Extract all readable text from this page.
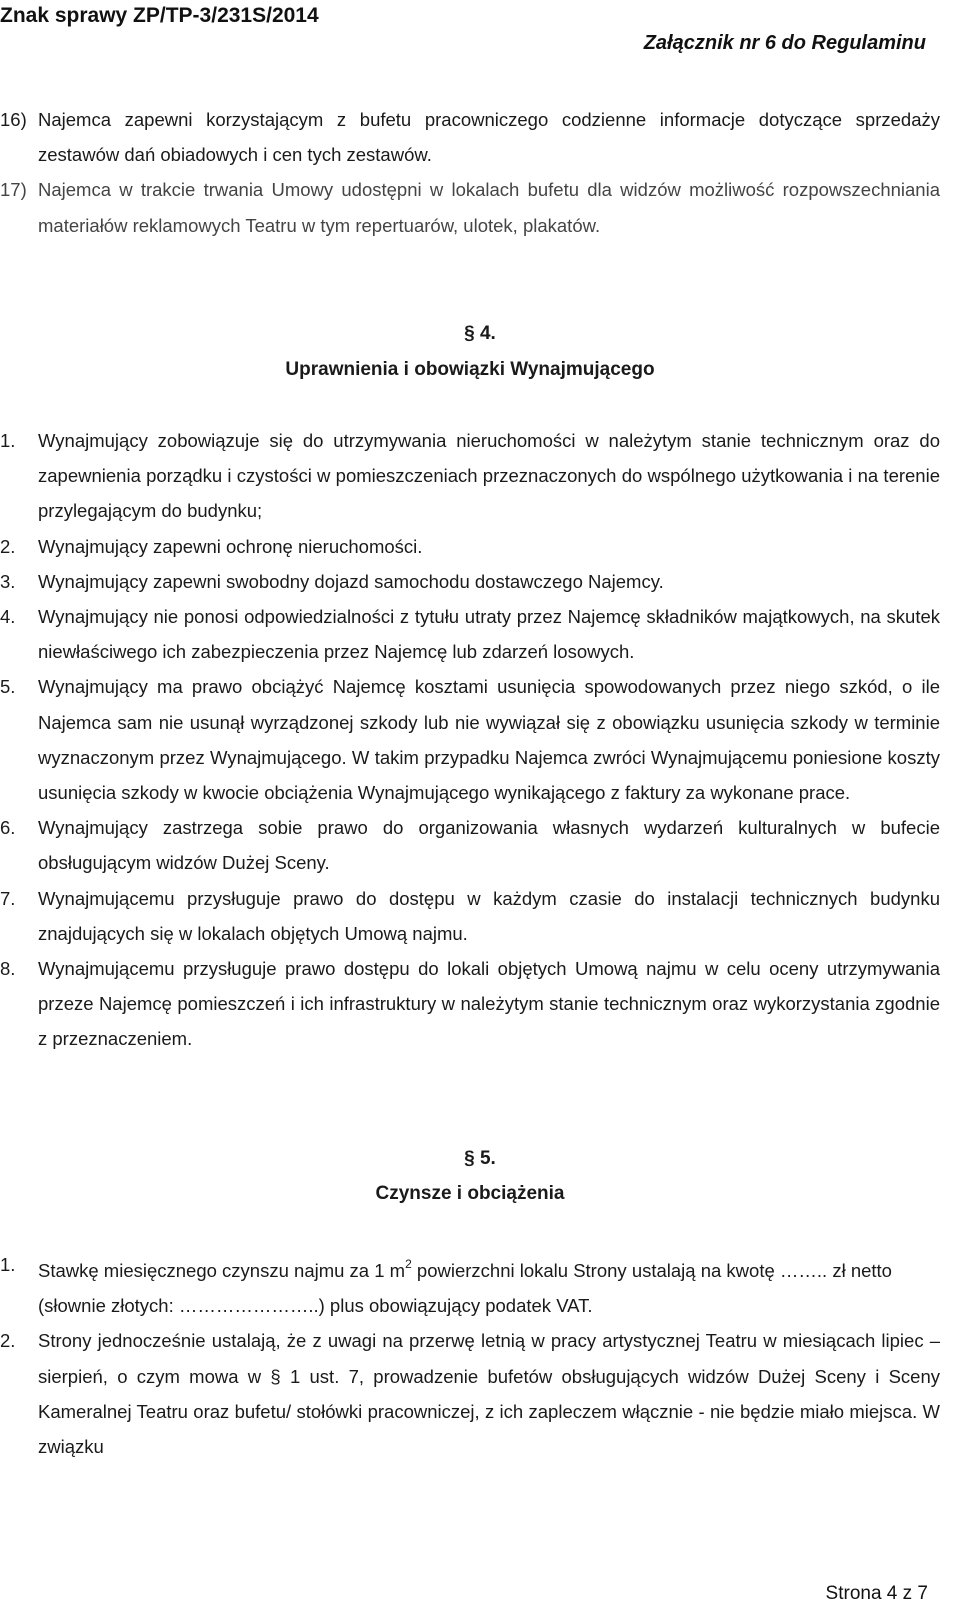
Znak sprawy ZP/TP-3/231S/2014
Załącznik nr 6 do Regulaminu

16) Najemca zapewni korzystającym z bufetu pracowniczego codzienne informacje dotyczące sprzedaży zestawów dań obiadowych i cen tych zestawów.

17) Najemca w trakcie trwania Umowy udostępni w lokalach bufetu dla widzów możliwość rozpowszechniania materiałów reklamowych Teatru w tym repertuarów, ulotek, plakatów.

§ 4.
Uprawnienia i obowiązki Wynajmującego

1. Wynajmujący zobowiązuje się do utrzymywania nieruchomości w należytym stanie technicznym oraz do zapewnienia porządku i czystości w pomieszczeniach przeznaczonych do wspólnego użytkowania i na terenie przylegającym do budynku;

2. Wynajmujący zapewni ochronę nieruchomości.

3. Wynajmujący zapewni swobodny dojazd samochodu dostawczego Najemcy.

4. Wynajmujący nie ponosi odpowiedzialności z tytułu utraty przez Najemcę składników majątkowych, na skutek niewłaściwego ich zabezpieczenia przez Najemcę lub zdarzeń losowych.

5. Wynajmujący ma prawo obciążyć Najemcę kosztami usunięcia spowodowanych przez niego szkód, o ile Najemca sam nie usunął wyrządzonej szkody lub nie wywiązał się z obowiązku usunięcia szkody w terminie wyznaczonym przez Wynajmującego. W takim przypadku Najemca zwróci Wynajmującemu poniesione koszty usunięcia szkody w kwocie obciążenia Wynajmującego wynikającego z faktury za wykonane prace.

6. Wynajmujący zastrzega sobie prawo do organizowania własnych wydarzeń kulturalnych w bufecie obsługującym widzów Dużej Sceny.

7. Wynajmującemu przysługuje prawo do dostępu w każdym czasie do instalacji technicznych budynku znajdujących się w lokalach objętych Umową najmu.

8. Wynajmującemu przysługuje prawo dostępu do lokali objętych Umową najmu w celu oceny utrzymywania przeze Najemcę pomieszczeń i ich infrastruktury w należytym stanie technicznym oraz wykorzystania zgodnie z przeznaczeniem.

§ 5.
Czynsze i obciążenia

1. Stawkę miesięcznego czynszu najmu za 1 $m^2$ powierzchni lokalu Strony ustalają na kwotę …….. zł netto (słownie złotych: …………………..) plus obowiązujący podatek VAT.

2. Strony jednocześnie ustalają, że z uwagi na przerwę letnią w pracy artystycznej Teatru w miesiącach lipiec – sierpień, o czym mowa w § 1 ust. 7, prowadzenie bufetów obsługujących widzów Dużej Sceny i Sceny Kameralnej Teatru oraz bufetu/ stołówki pracowniczej, z ich zapleczem włącznie - nie będzie miało miejsca. W związku

Strona 4 z 7
